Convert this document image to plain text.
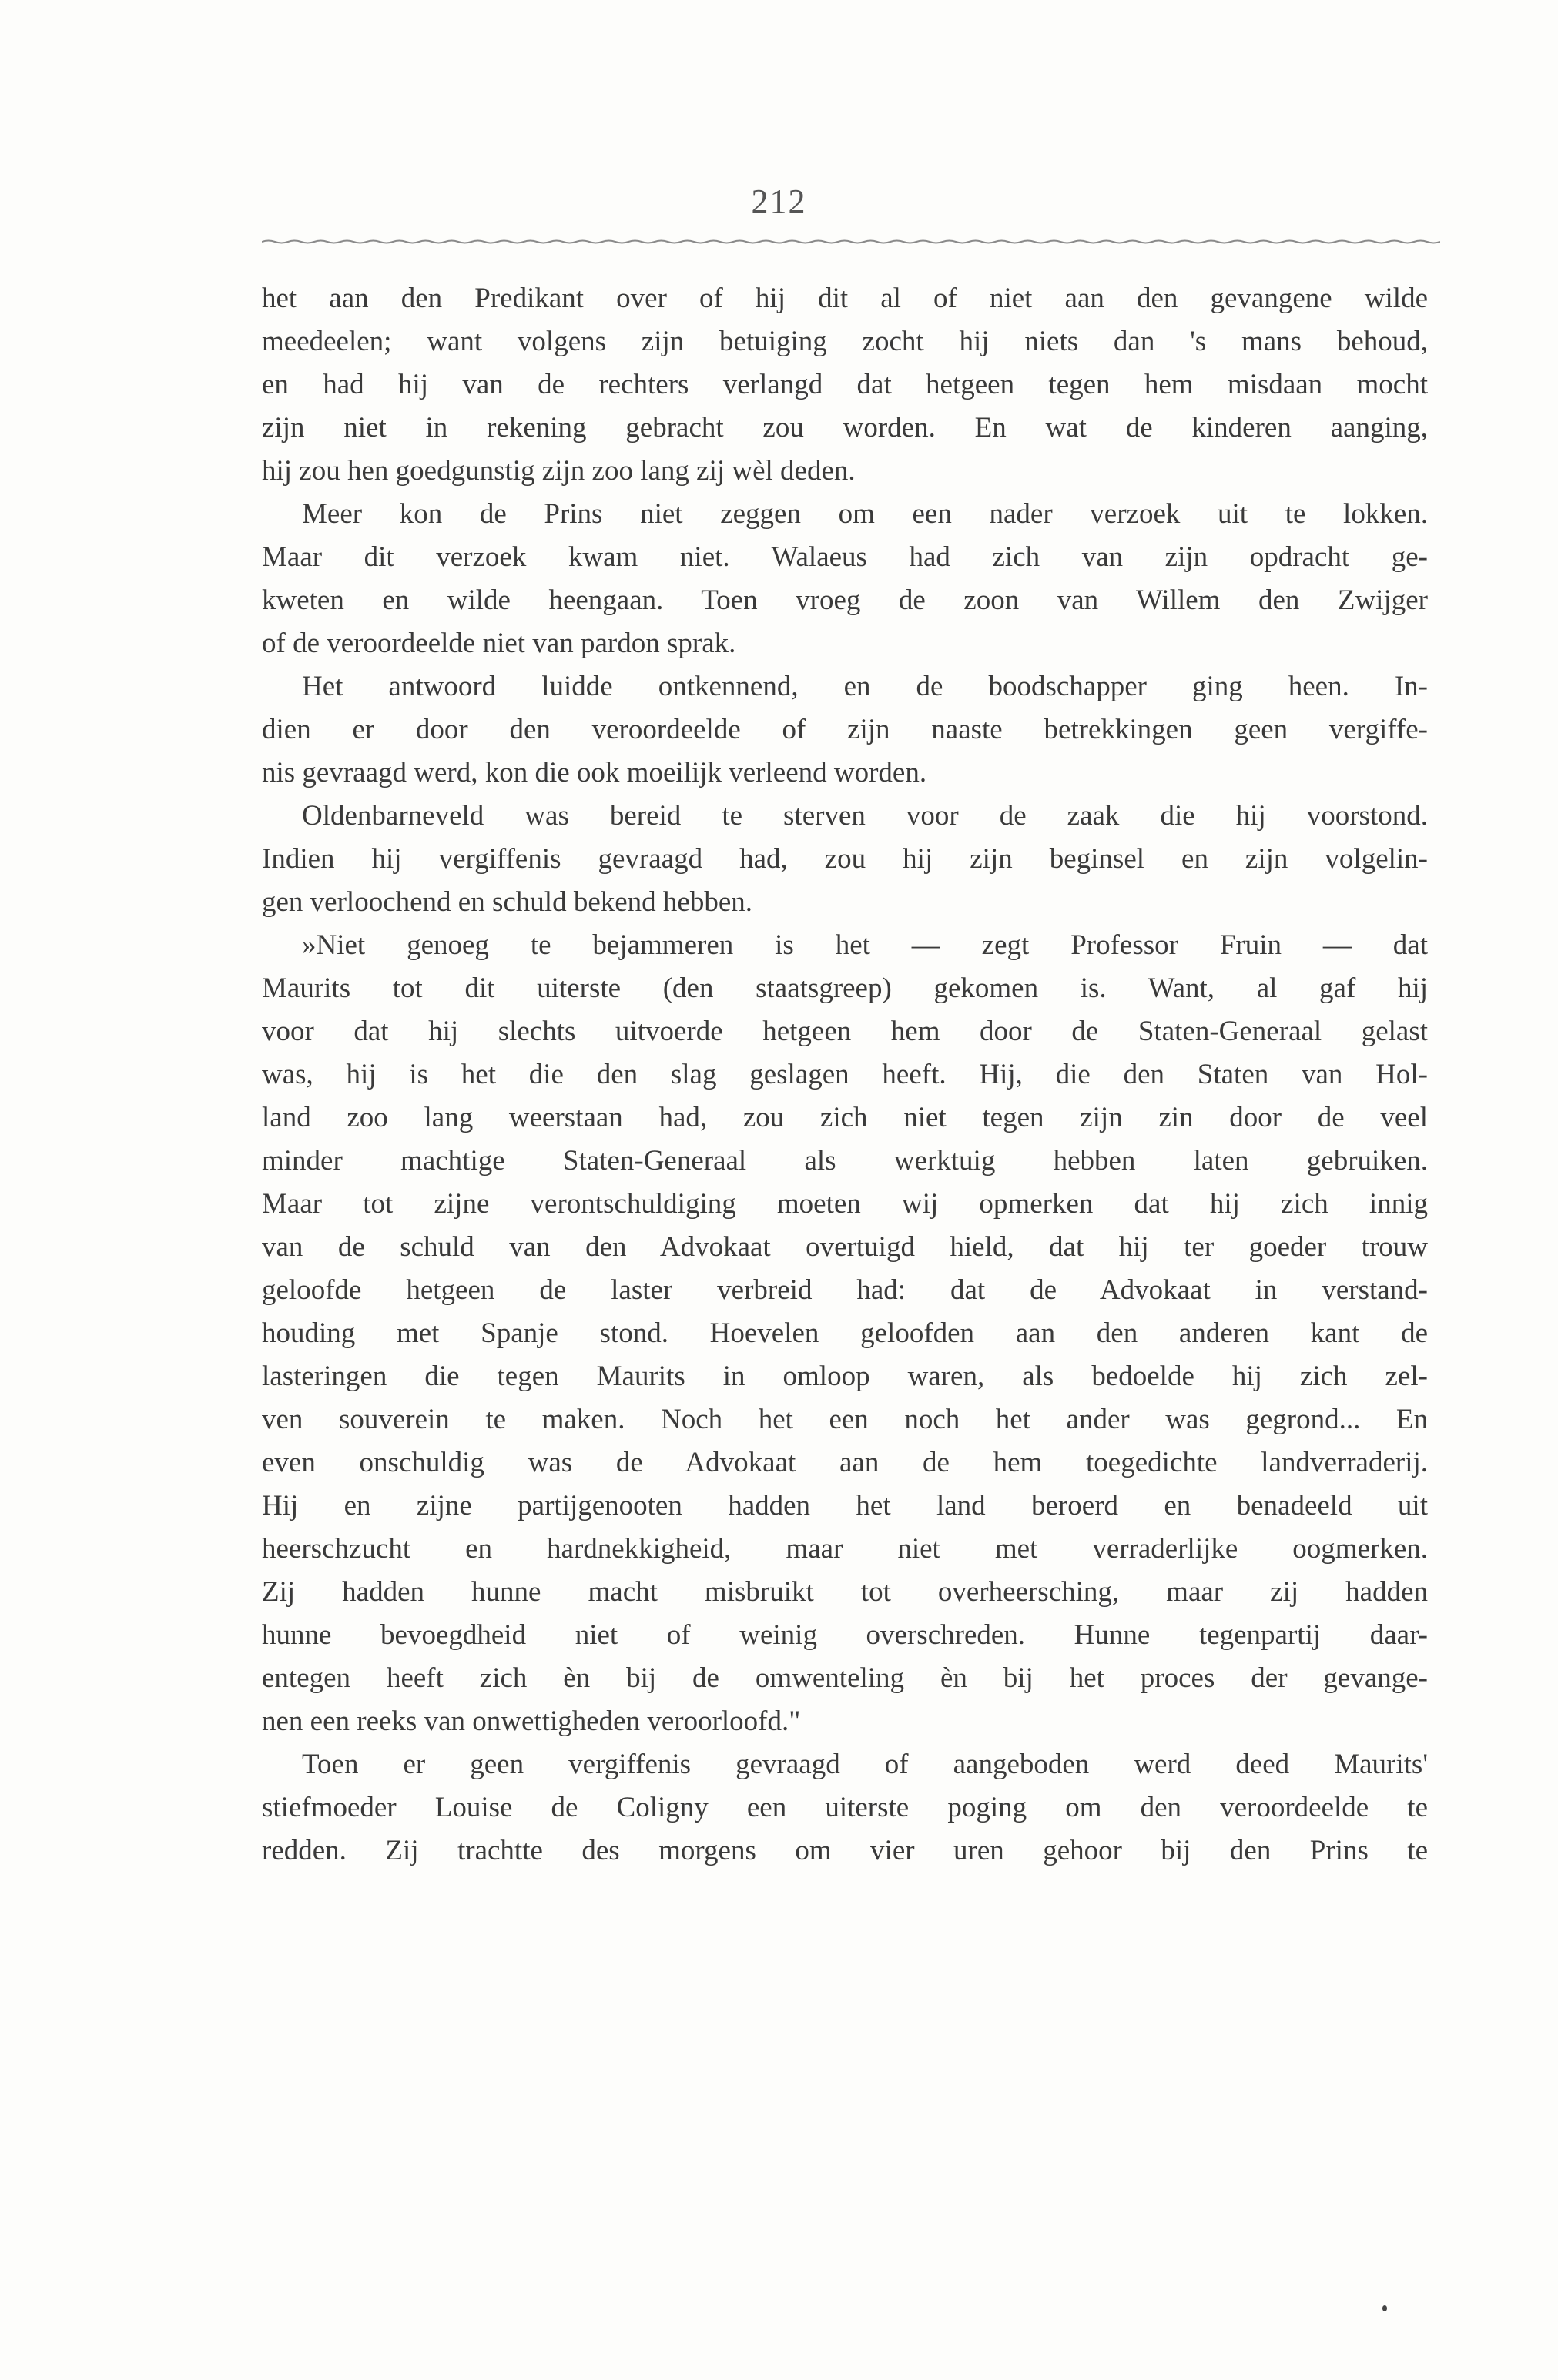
212

het aan den Predikant over of hij dit al of niet aan den gevangene wilde
meedeelen; want volgens zijn betuiging zocht hij niets dan 's mans behoud,
en had hij van de rechters verlangd dat hetgeen tegen hem misdaan mocht
zijn niet in rekening gebracht zou worden. En wat de kinderen aanging,
hij zou hen goedgunstig zijn zoo lang zij wèl deden.
Meer kon de Prins niet zeggen om een nader verzoek uit te lokken.
Maar dit verzoek kwam niet. Walaeus had zich van zijn opdracht ge-
kweten en wilde heengaan. Toen vroeg de zoon van Willem den Zwijger
of de veroordeelde niet van pardon sprak.
Het antwoord luidde ontkennend, en de boodschapper ging heen. In-
dien er door den veroordeelde of zijn naaste betrekkingen geen vergiffe-
nis gevraagd werd, kon die ook moeilijk verleend worden.
Oldenbarneveld was bereid te sterven voor de zaak die hij voorstond.
Indien hij vergiffenis gevraagd had, zou hij zijn beginsel en zijn volgelin-
gen verloochend en schuld bekend hebben.
»Niet genoeg te bejammeren is het — zegt Professor Fruin — dat
Maurits tot dit uiterste (den staatsgreep) gekomen is. Want, al gaf hij
voor dat hij slechts uitvoerde hetgeen hem door de Staten-Generaal gelast
was, hij is het die den slag geslagen heeft. Hij, die den Staten van Hol-
land zoo lang weerstaan had, zou zich niet tegen zijn zin door de veel
minder machtige Staten-Generaal als werktuig hebben laten gebruiken.
Maar tot zijne verontschuldiging moeten wij opmerken dat hij zich innig
van de schuld van den Advokaat overtuigd hield, dat hij ter goeder trouw
geloofde hetgeen de laster verbreid had: dat de Advokaat in verstand-
houding met Spanje stond. Hoevelen geloofden aan den anderen kant de
lasteringen die tegen Maurits in omloop waren, als bedoelde hij zich zel-
ven souverein te maken. Noch het een noch het ander was gegrond... En
even onschuldig was de Advokaat aan de hem toegedichte landverraderij.
Hij en zijne partijgenooten hadden het land beroerd en benadeeld uit
heerschzucht en hardnekkigheid, maar niet met verraderlijke oogmerken.
Zij hadden hunne macht misbruikt tot overheersching, maar zij hadden
hunne bevoegdheid niet of weinig overschreden. Hunne tegenpartij daar-
entegen heeft zich èn bij de omwenteling èn bij het proces der gevange-
nen een reeks van onwettigheden veroorloofd."
Toen er geen vergiffenis gevraagd of aangeboden werd deed Maurits'
stiefmoeder Louise de Coligny een uiterste poging om den veroordeelde te
redden. Zij trachtte des morgens om vier uren gehoor bij den Prins te
